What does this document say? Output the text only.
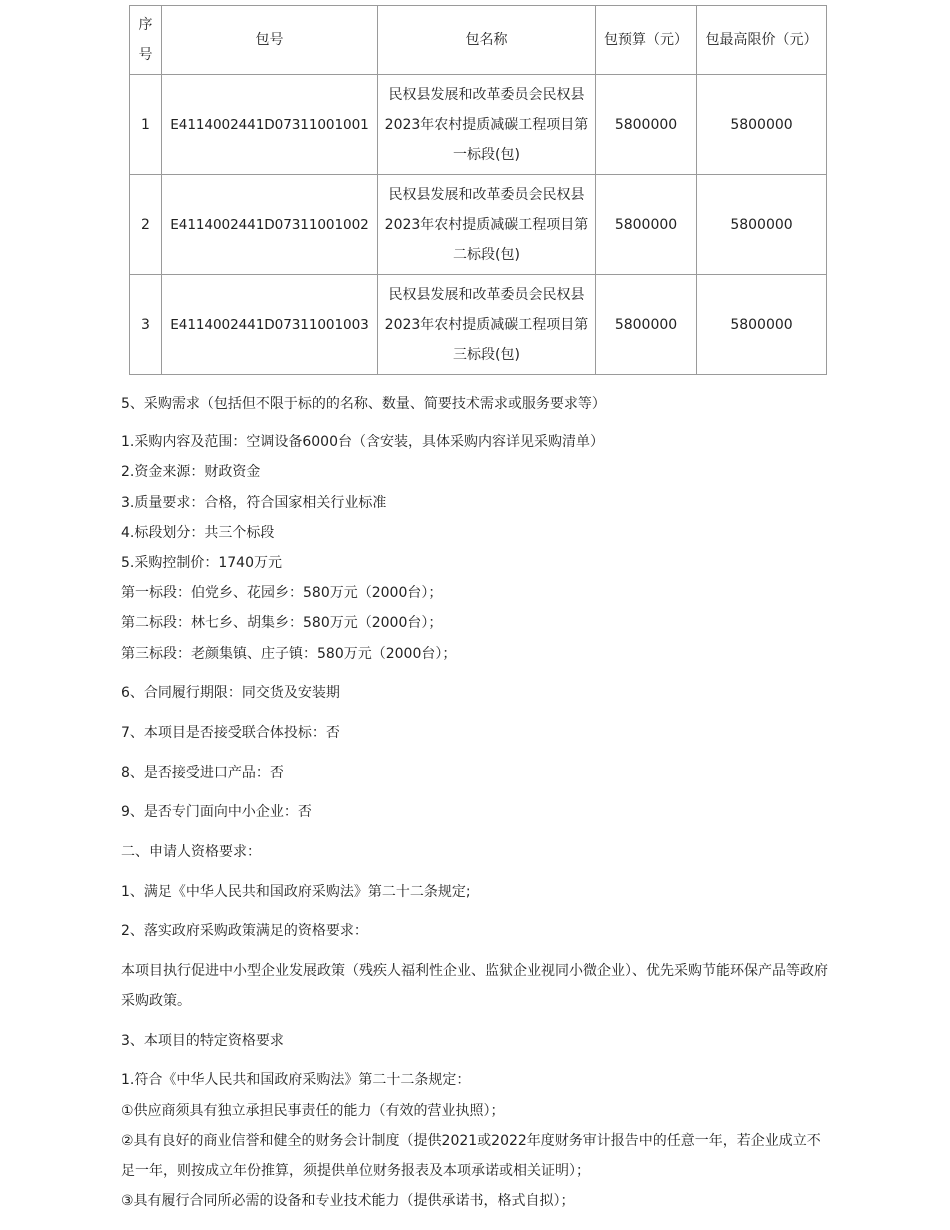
序号	包号	包名称	包预算（元）	包最高限价（元）
1	E4114002441D07311001001	民权县发展和改革委员会民权县2023年农村提质减碳工程项目第一标段(包)	5800000	5800000
2	E4114002441D07311001002	民权县发展和改革委员会民权县2023年农村提质减碳工程项目第二标段(包)	5800000	5800000
3	E4114002441D07311001003	民权县发展和改革委员会民权县2023年农村提质减碳工程项目第三标段(包)	5800000	5800000
5、采购需求（包括但不限于标的的名称、数量、简要技术需求或服务要求等）
1.采购内容及范围：空调设备6000台（含安装，具体采购内容详见采购清单）
2.资金来源：财政资金
3.质量要求：合格，符合国家相关行业标准
4.标段划分：共三个标段
5.采购控制价：1740万元
第一标段：伯党乡、花园乡：580万元（2000台）；
第二标段：林七乡、胡集乡：580万元（2000台）；
第三标段：老颜集镇、庄子镇：580万元（2000台）；
6、合同履行期限：同交货及安装期
7、本项目是否接受联合体投标：否
8、是否接受进口产品：否
9、是否专门面向中小企业：否
二、申请人资格要求：
1、满足《中华人民共和国政府采购法》第二十二条规定;
2、落实政府采购政策满足的资格要求：
本项目执行促进中小型企业发展政策（残疾人福利性企业、监狱企业视同小微企业）、优先采购节能环保产品等政府采购政策。
3、本项目的特定资格要求
1.符合《中华人民共和国政府采购法》第二十二条规定：
①供应商须具有独立承担民事责任的能力（有效的营业执照）；
②具有良好的商业信誉和健全的财务会计制度（提供2021或2022年度财务审计报告中的任意一年，若企业成立不足一年，则按成立年份推算，须提供单位财务报表及本项承诺或相关证明）；
③具有履行合同所必需的设备和专业技术能力（提供承诺书，格式自拟）；
